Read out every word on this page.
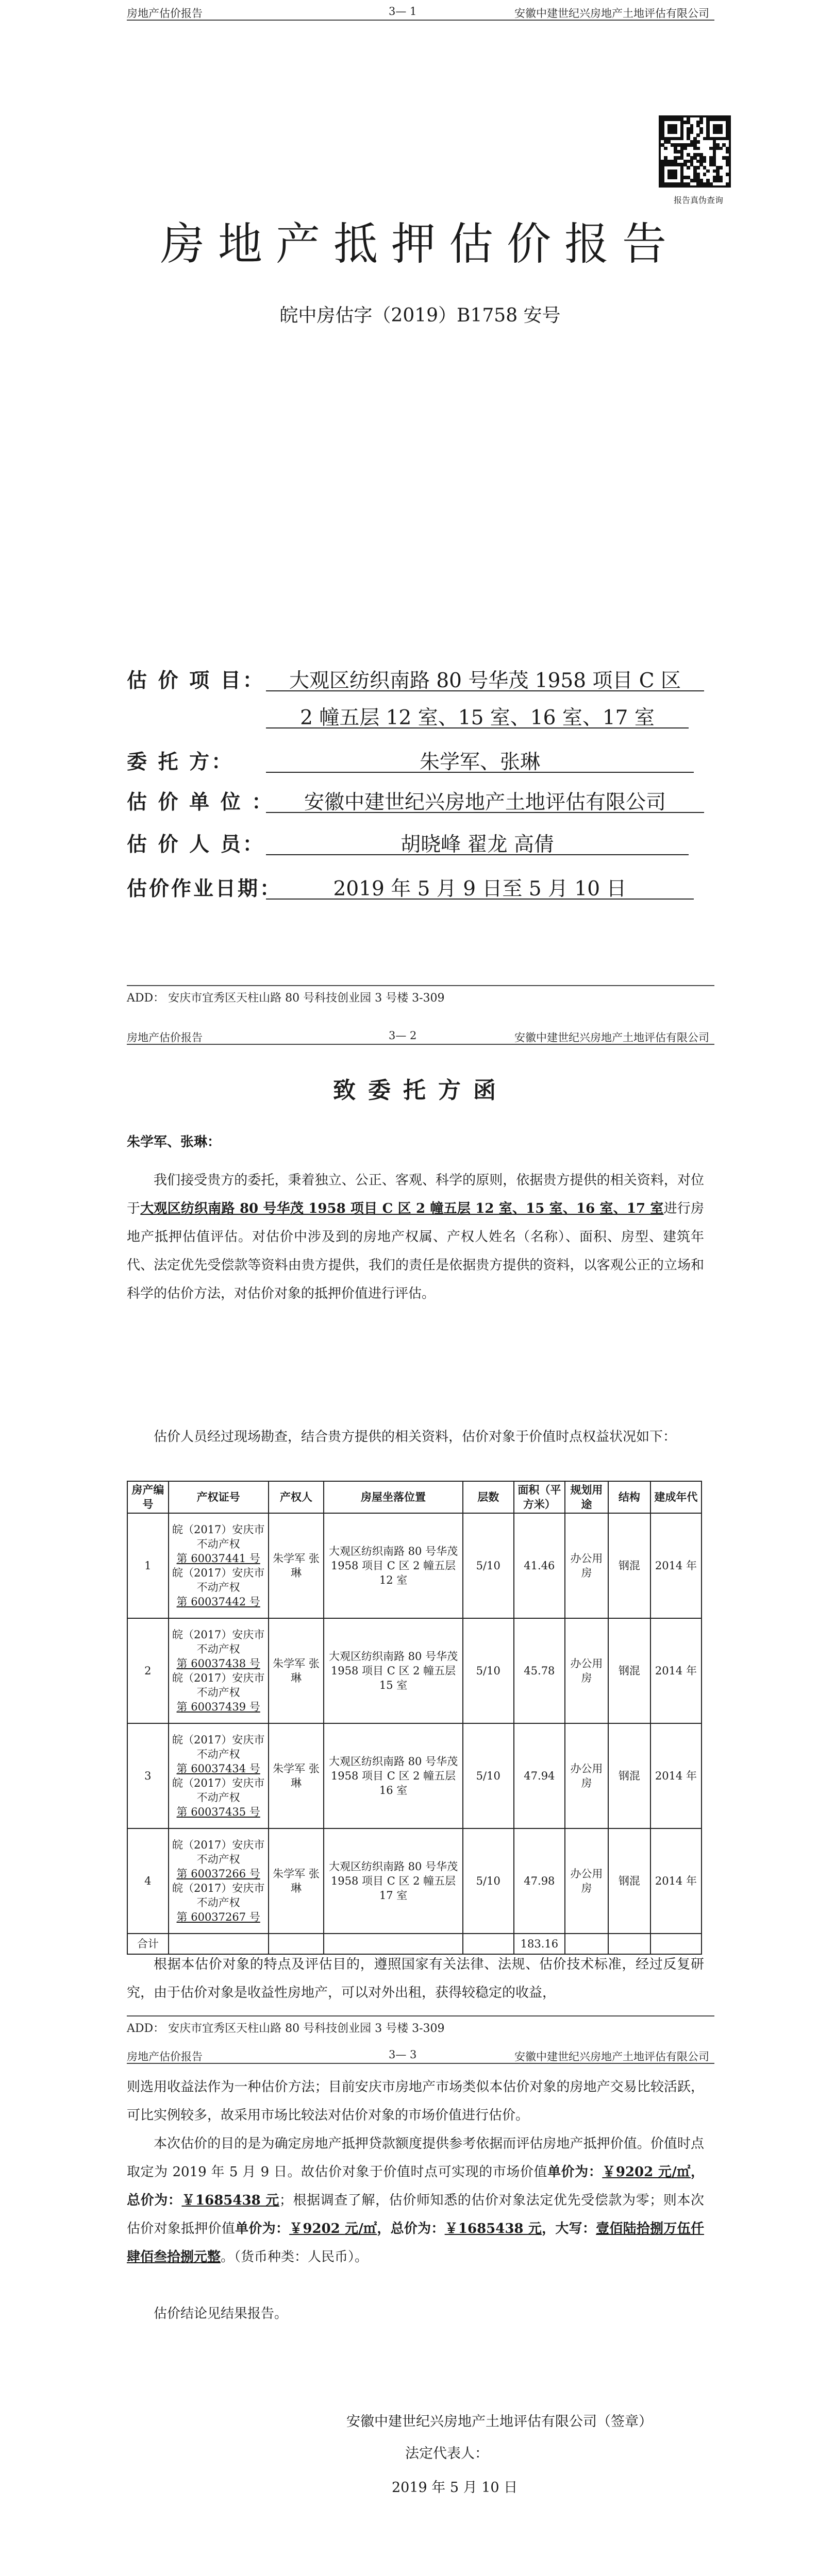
房地产估价报告	3— 1	安徽中建世纪兴房地产土地评估有限公司
报告真伪查询
房地产抵押估价报告
皖中房估字（2019）B1758 安号
估 价 项 目：	大观区纺织南路 80 号华茂 1958 项目 C 区
2 幢五层 12 室、15 室、16 室、17 室
委 托 方：	朱学军、张琳
估 价 单 位 ：	安徽中建世纪兴房地产土地评估有限公司
估 价 人 员：	胡晓峰 翟龙 高倩
估价作业日期：	2019 年 5 月 9 日至 5 月 10 日
ADD： 安庆市宜秀区天柱山路 80 号科技创业园 3 号楼 3-309
房地产估价报告	3— 2	安徽中建世纪兴房地产土地评估有限公司
致委托方函
朱学军、张琳：
我们接受贵方的委托，秉着独立、公正、客观、科学的原则，依据贵方提供的相关资料，对位于大观区纺织南路 80 号华茂 1958 项目 C 区 2 幢五层 12 室、15 室、16 室、17 室进行房地产抵押估值评估。对估价中涉及到的房地产权属、产权人姓名（名称）、面积、房型、建筑年代、法定优先受偿款等资料由贵方提供，我们的责任是依据贵方提供的资料，以客观公正的立场和科学的估价方法，对估价对象的抵押价值进行评估。
估价人员经过现场勘查，结合贵方提供的相关资料，估价对象于价值时点权益状况如下：
房产编号	产权证号	产权人	房屋坐落位置	层数	面积（平方米）	规划用途	结构	建成年代
1	皖（2017）安庆市不动产权
第 60037441 号
皖（2017）安庆市不动产权
第 60037442 号	朱学军 张 琳	大观区纺织南路 80 号华茂 1958 项目 C 区 2 幢五层 12 室	5/10	41.46	办公用房	钢混	2014 年
2	皖（2017）安庆市不动产权
第 60037438 号
皖（2017）安庆市不动产权
第 60037439 号	朱学军 张 琳	大观区纺织南路 80 号华茂 1958 项目 C 区 2 幢五层 15 室	5/10	45.78	办公用房	钢混	2014 年
3	皖（2017）安庆市不动产权
第 60037434 号
皖（2017）安庆市不动产权
第 60037435 号	朱学军 张 琳	大观区纺织南路 80 号华茂 1958 项目 C 区 2 幢五层 16 室	5/10	47.94	办公用房	钢混	2014 年
4	皖（2017）安庆市不动产权
第 60037266 号
皖（2017）安庆市不动产权
第 60037267 号	朱学军 张 琳	大观区纺织南路 80 号华茂 1958 项目 C 区 2 幢五层 17 室	5/10	47.98	办公用房	钢混	2014 年
合计					183.16			
根据本估价对象的特点及评估目的，遵照国家有关法律、法规、估价技术标准，经过反复研究，由于估价对象是收益性房地产，可以对外出租，获得较稳定的收益，
ADD： 安庆市宜秀区天柱山路 80 号科技创业园 3 号楼 3-309
房地产估价报告	3— 3	安徽中建世纪兴房地产土地评估有限公司
则选用收益法作为一种估价方法；目前安庆市房地产市场类似本估价对象的房地产交易比较活跃，可比实例较多，故采用市场比较法对估价对象的市场价值进行估价。
本次估价的目的是为确定房地产抵押贷款额度提供参考依据而评估房地产抵押价值。价值时点取定为 2019 年 5 月 9 日。故估价对象于价值时点可实现的市场价值单价为：￥9202 元/㎡，总价为：￥1685438 元；根据调查了解，估价师知悉的估价对象法定优先受偿款为零；则本次估价对象抵押价值单价为：￥9202 元/㎡，总价为：￥1685438 元，大写：壹佰陆拾捌万伍仟肆佰叁拾捌元整。（货币种类：人民币）。
估价结论见结果报告。
安徽中建世纪兴房地产土地评估有限公司（签章）
法定代表人：
2019 年 5 月 10 日
